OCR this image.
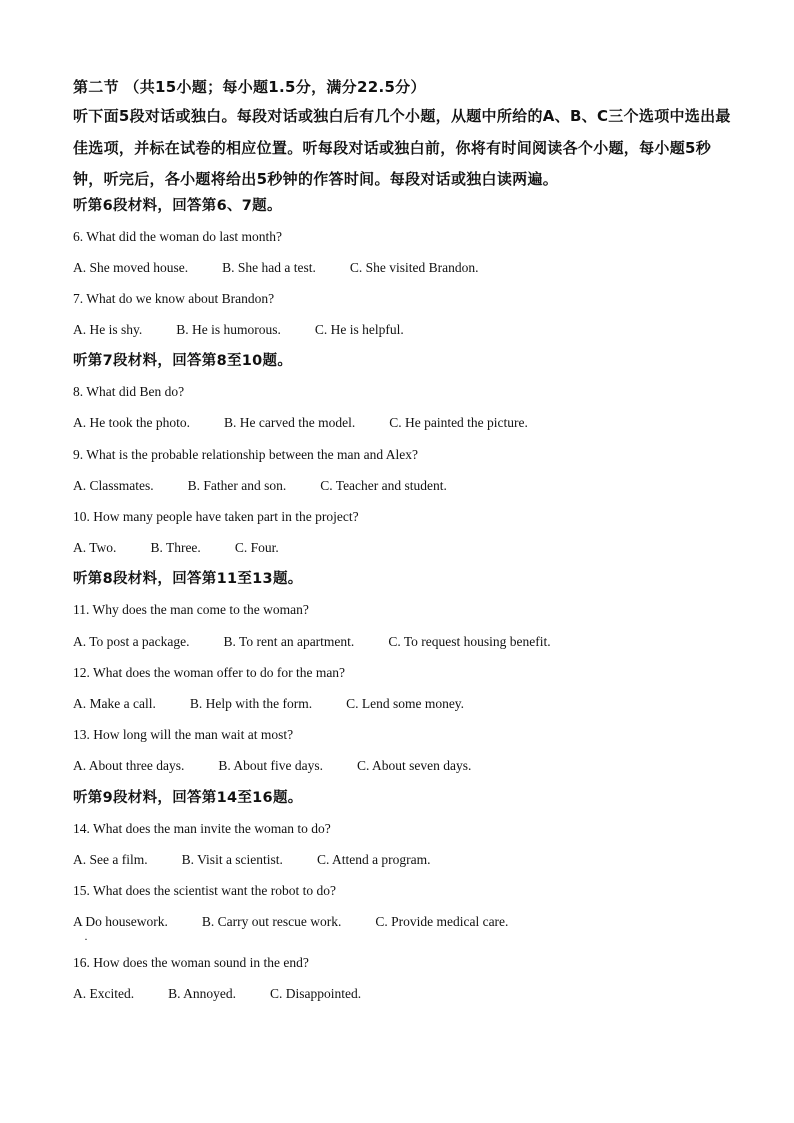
第二节 （共15小题；每小题1.5分，满分22.5分）

听下面5段对话或独白。每段对话或独白后有几个小题，从题中所给的A、B、C三个选项中选出最佳选项，并标在试卷的相应位置。听每段对话或独白前，你将有时间阅读各个小题，每小题5秒钟，听完后，各小题将给出5秒钟的作答时间。每段对话或独白读两遍。

听第6段材料，回答第6、7题。

6. What did the woman do last month?

A. She moved house.	B. She had a test.	C. She visited Brandon.

7. What do we know about Brandon?

A. He is shy.	B. He is humorous.	C. He is helpful.

听第7段材料，回答第8至10题。

8. What did Ben do?

A. He took the photo.	B. He carved the model.	C. He painted the picture.

9. What is the probable relationship between the man and Alex?

A. Classmates.	B. Father and son.	C. Teacher and student.

10. How many people have taken part in the project?

A. Two.	B. Three.	C. Four.

听第8段材料，回答第11至13题。

11. Why does the man come to the woman?

A. To post a package.	B. To rent an apartment.	C. To request housing benefit.

12. What does the woman offer to do for the man?

A. Make a call.	B. Help with the form.	C. Lend some money.

13. How long will the man wait at most?

A. About three days.	B. About five days.	C. About seven days.

听第9段材料，回答第14至16题。

14. What does the man invite the woman to do?

A. See a film.	B. Visit a scientist.	C. Attend a program.

15. What does the scientist want the robot to do?

A Do housework.	B. Carry out rescue work.	C. Provide medical care.
·

16. How does the woman sound in the end?

A. Excited.	B. Annoyed.	C. Disappointed.
